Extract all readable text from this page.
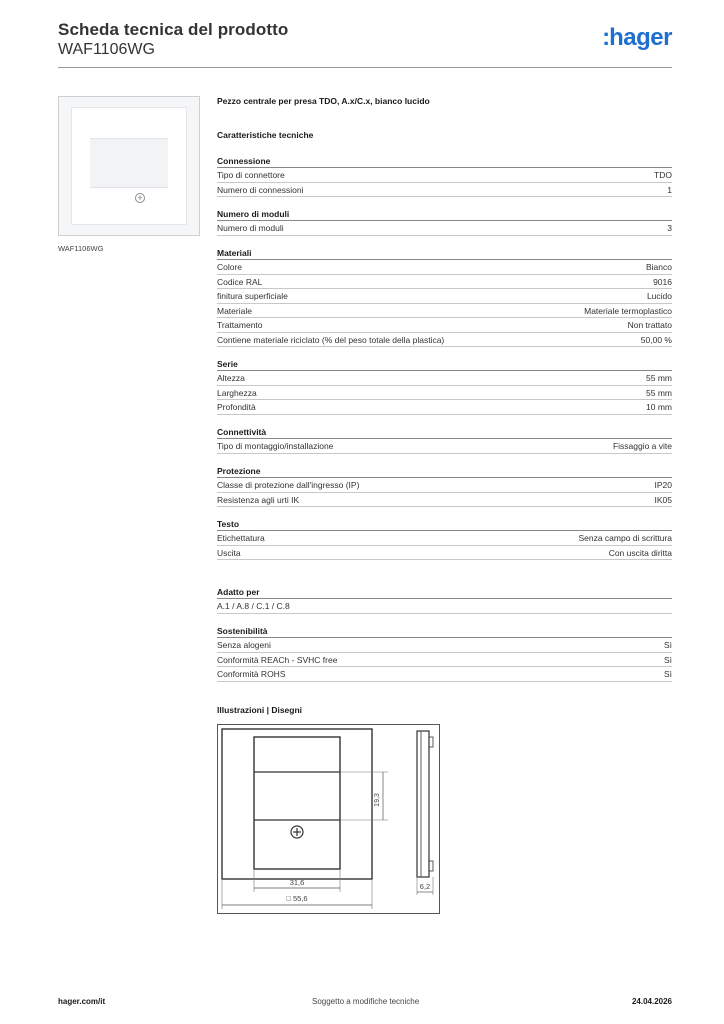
Scheda tecnica del prodotto
WAF1106WG	: hager
+
WAF1106WG
Pezzo centrale per presa TDO, A.x/C.x, bianco lucido
Caratteristiche tecniche
Connessione
Tipo di connettore	TDO
Numero di connessioni	1
Numero di moduli
Numero di moduli	3
Materiali
Colore	Bianco
Codice RAL	9016
finitura superficiale	Lucido
Materiale	Materiale termoplastico
Trattamento	Non trattato
Contiene materiale riciclato (% del peso totale della plastica)	50,00 %
Serie
Altezza	55 mm
Larghezza	55 mm
Profondità	10 mm
Connettività
Tipo di montaggio/installazione	Fissaggio a vite
Protezione
Classe di protezione dall'ingresso (IP)	IP20
Resistenza agli urti IK	IK05
Testo
Etichettatura	Senza campo di scrittura
Uscita	Con uscita diritta
Adatto per
A.1 / A.8 / C.1 / C.8
Sostenibilità
Senza alogeni	Sì
Conformità REACh - SVHC free	Sì
Conformità ROHS	Sì
Illustrazioni | Disegni
19,3
31,6
□ 55,6
6,2
hager.com/it	Soggetto a modifiche tecniche	24.04.2026
